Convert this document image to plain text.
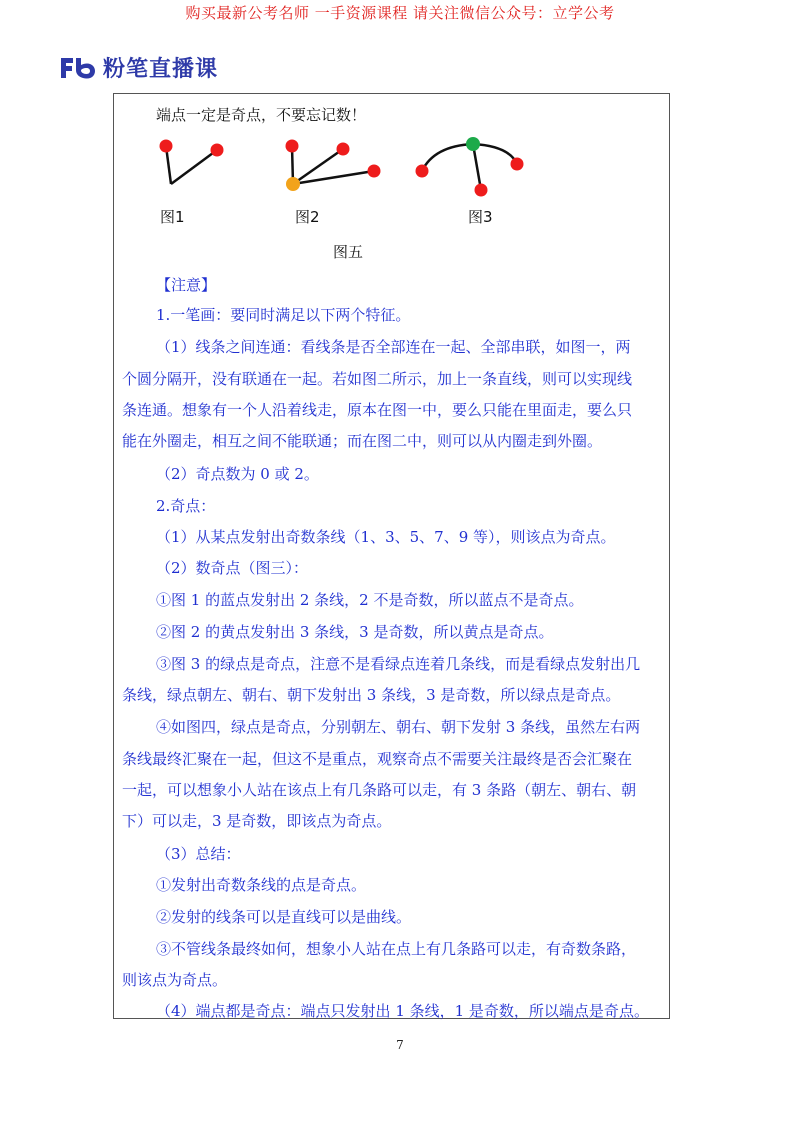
购买最新公考名师 一手资源课程 请关注微信公众号：立学公考
粉笔直播课
端点一定是奇点，不要忘记数！
图1	图2	图3
图五
【注意】
1.一笔画：要同时满足以下两个特征。
（1）线条之间连通：看线条是否全部连在一起、全部串联，如图一，两
个圆分隔开，没有联通在一起。若如图二所示，加上一条直线，则可以实现线
条连通。想象有一个人沿着线走，原本在图一中，要么只能在里面走，要么只
能在外圈走，相互之间不能联通；而在图二中，则可以从内圈走到外圈。
（2）奇点数为 0 或 2。
2.奇点：
（1）从某点发射出奇数条线（1、3、5、7、9 等），则该点为奇点。
（2）数奇点（图三）：
①图 1 的蓝点发射出 2 条线，2 不是奇数，所以蓝点不是奇点。
②图 2 的黄点发射出 3 条线，3 是奇数，所以黄点是奇点。
③图 3 的绿点是奇点，注意不是看绿点连着几条线，而是看绿点发射出几
条线，绿点朝左、朝右、朝下发射出 3 条线，3 是奇数，所以绿点是奇点。
④如图四，绿点是奇点，分别朝左、朝右、朝下发射 3 条线，虽然左右两
条线最终汇聚在一起，但这不是重点，观察奇点不需要关注最终是否会汇聚在
一起，可以想象小人站在该点上有几条路可以走，有 3 条路（朝左、朝右、朝
下）可以走，3 是奇数，即该点为奇点。
（3）总结：
①发射出奇数条线的点是奇点。
②发射的线条可以是直线可以是曲线。
③不管线条最终如何，想象小人站在点上有几条路可以走，有奇数条路，
则该点为奇点。
（4）端点都是奇点：端点只发射出 1 条线，1 是奇数，所以端点是奇点。
7
